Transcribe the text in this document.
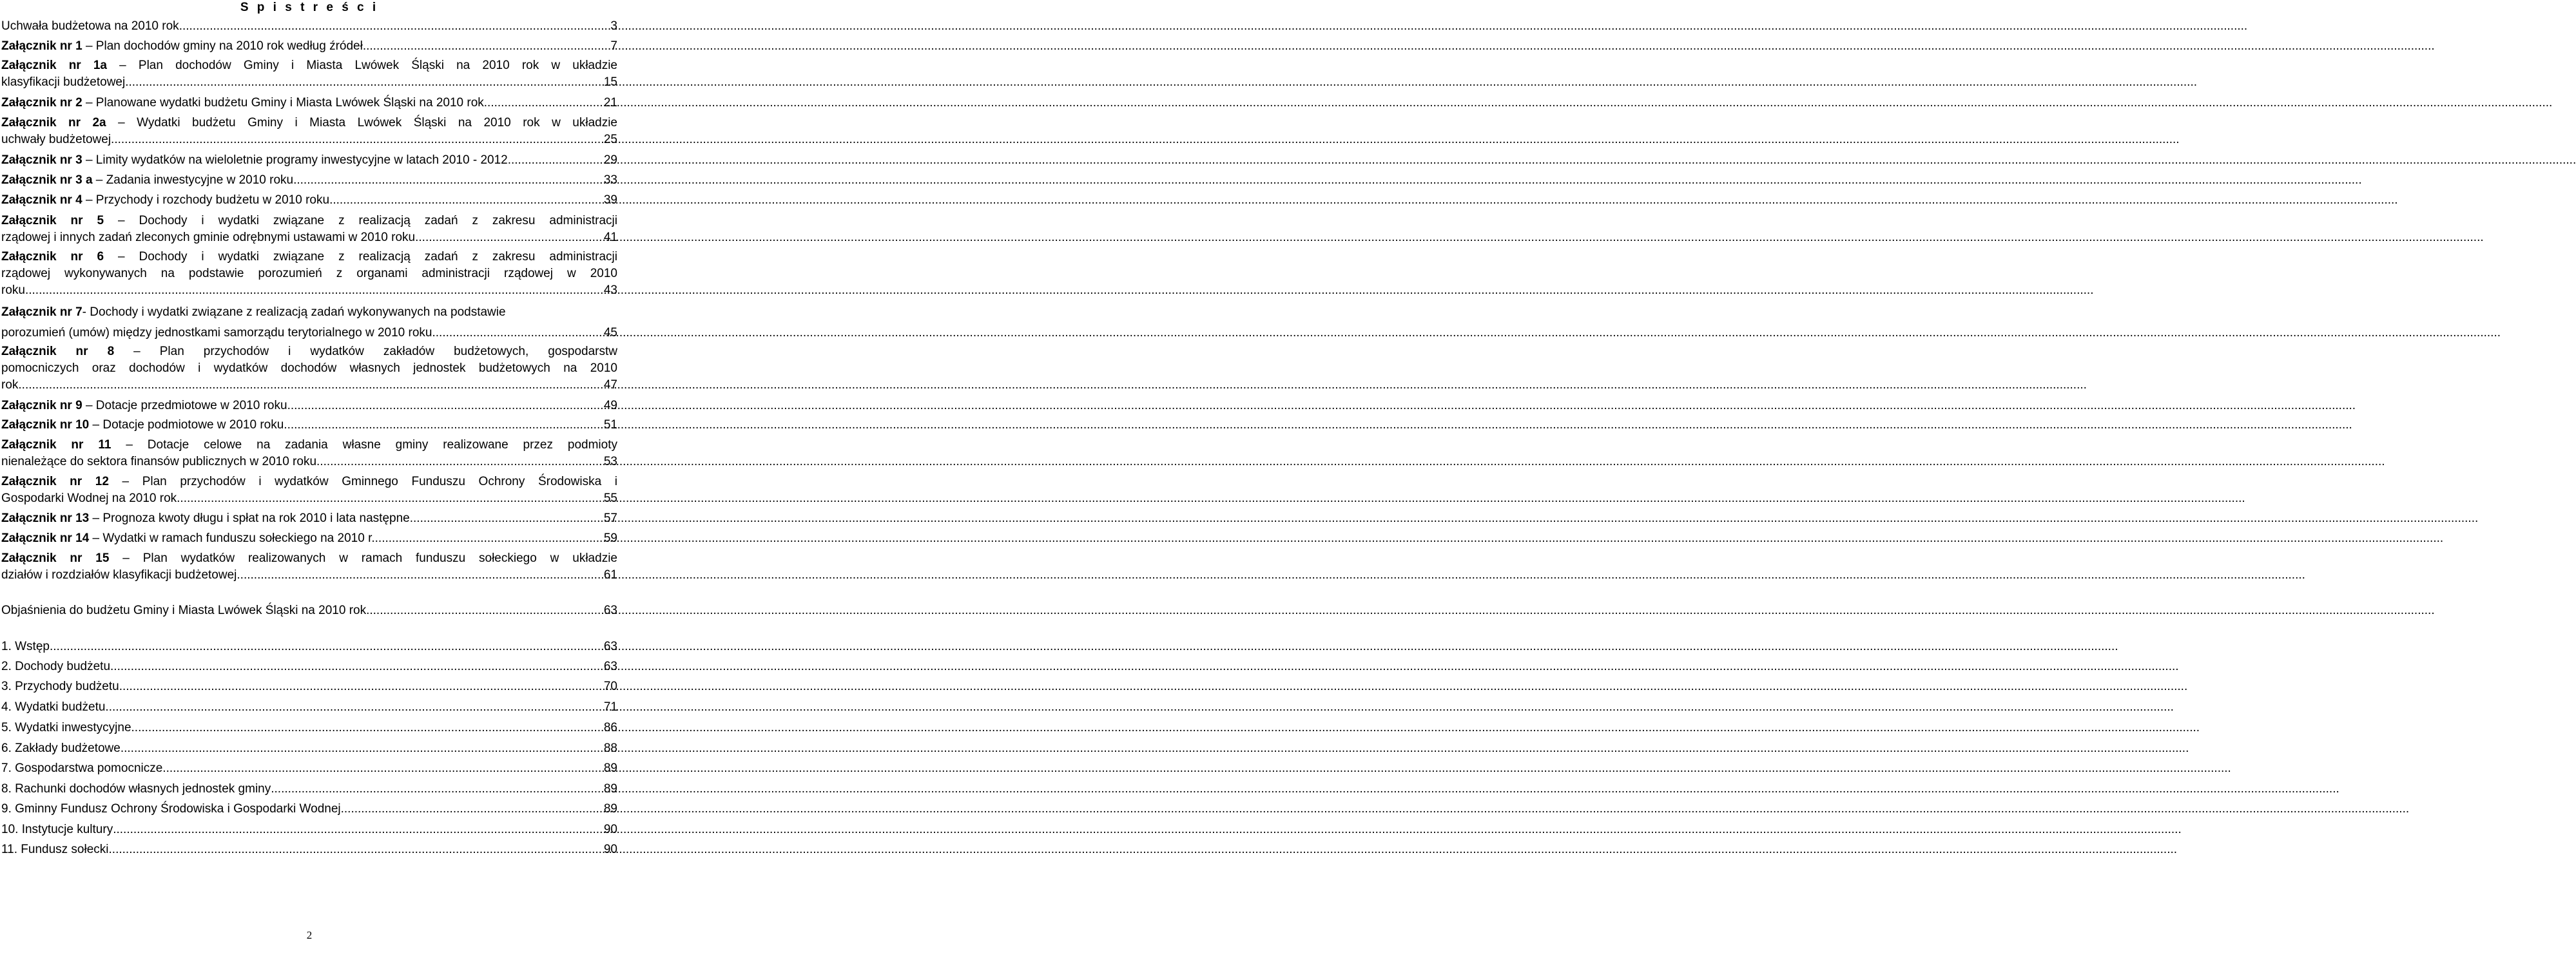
S p i s t r e ś c i
Uchwała budżetowa na 2010 rok .....	3
Załącznik nr 1 – Plan dochodów gminy na 2010 rok według źródeł. .....	7
Załącznik nr 1a – Plan dochodów Gminy i Miasta Lwówek Śląski na 2010 rok w układzie
klasyfikacji budżetowej. .....	15
Załącznik nr 2 – Planowane wydatki budżetu Gminy i Miasta Lwówek Śląski na 2010 rok .....	21
Załącznik nr 2a – Wydatki budżetu Gminy i Miasta Lwówek Śląski na 2010 rok w układzie
uchwały budżetowej .....	25
Załącznik nr 3 – Limity wydatków na wieloletnie programy inwestycyjne w latach 2010 - 2012 .....	29
Załącznik nr 3 a – Zadania inwestycyjne w 2010 roku .....	33
Załącznik nr 4 – Przychody i rozchody budżetu w 2010 roku .....	39
Załącznik nr 5 – Dochody i wydatki związane z realizacją zadań z zakresu administracji
rządowej i innych zadań zleconych gminie odrębnymi ustawami w 2010 roku .....	41
Załącznik nr 6 – Dochody i wydatki związane z realizacją zadań z zakresu administracji
rządowej wykonywanych na podstawie porozumień z organami administracji rządowej w 2010
roku .....	43
Załącznik nr 7 - Dochody i wydatki związane z realizacją zadań wykonywanych na podstawie
porozumień (umów) między jednostkami samorządu terytorialnego w 2010 roku .....	45
Załącznik nr 8 – Plan przychodów i wydatków zakładów budżetowych, gospodarstw
pomocniczych oraz dochodów i wydatków dochodów własnych jednostek budżetowych na 2010
rok .....	47
Załącznik nr 9 – Dotacje przedmiotowe w 2010 roku .....	49
Załącznik nr 10 – Dotacje podmiotowe w 2010 roku .....	51
Załącznik nr 11 – Dotacje celowe na zadania własne gminy realizowane przez podmioty
nienależące do sektora finansów publicznych w 2010 roku .....	53
Załącznik nr 12 – Plan przychodów i wydatków Gminnego Funduszu Ochrony Środowiska i
Gospodarki Wodnej na 2010 rok .....	55
Załącznik nr 13 – Prognoza kwoty długu i spłat na rok 2010 i lata następne .....	57
Załącznik nr 14 – Wydatki w ramach funduszu sołeckiego na 2010 r. .....	59
Załącznik nr 15 – Plan wydatków realizowanych w ramach funduszu sołeckiego w układzie
działów i rozdziałów klasyfikacji budżetowej .....	61
Objaśnienia do budżetu Gminy i Miasta Lwówek Śląski na 2010 rok .....	63
1. Wstęp .....	63
2. Dochody budżetu .....	63
3. Przychody budżetu .....	70
4. Wydatki budżetu .....	71
5. Wydatki inwestycyjne .....	86
6. Zakłady budżetowe .....	88
7. Gospodarstwa pomocnicze .....	89
8. Rachunki dochodów własnych jednostek gminy .....	89
9. Gminny Fundusz Ochrony Środowiska i Gospodarki Wodnej .....	89
10. Instytucje kultury .....	90
11. Fundusz sołecki .....	90
2
